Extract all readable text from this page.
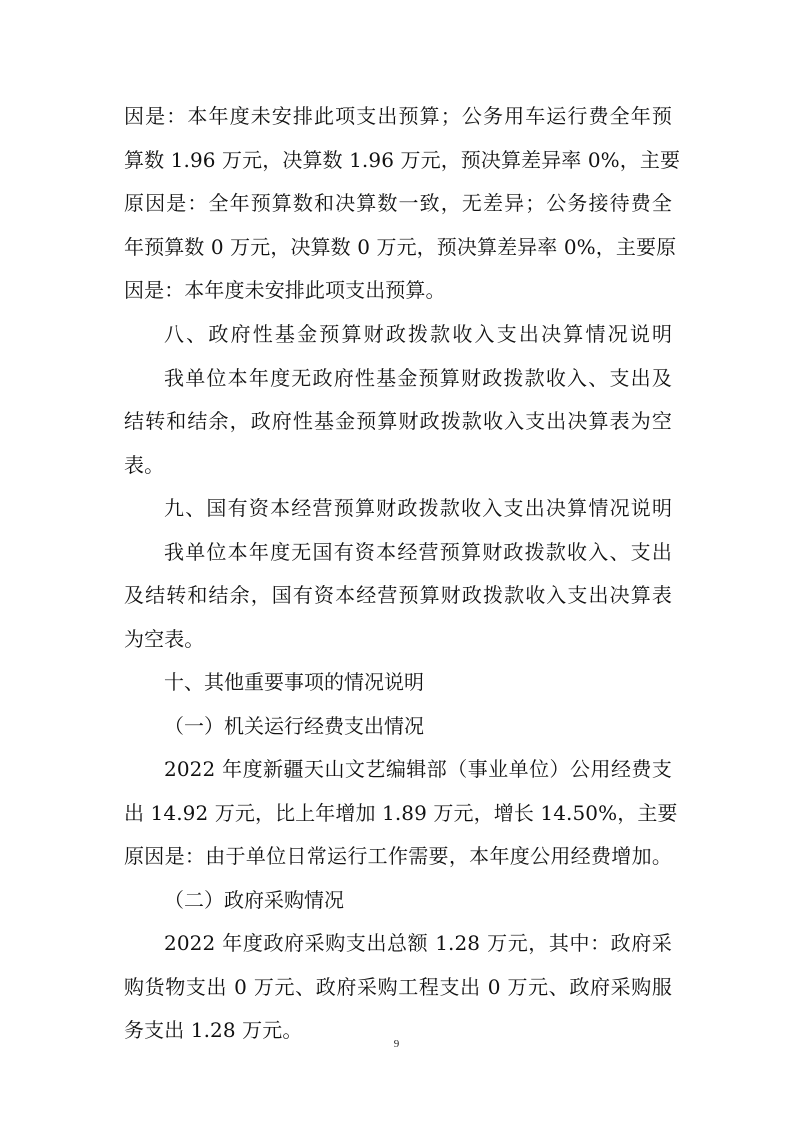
因是：本年度未安排此项支出预算；公务用车运行费全年预
算数 1.96 万元，决算数 1.96 万元，预决算差异率 0%，主要
原因是：全年预算数和决算数一致，无差异；公务接待费全
年预算数 0 万元，决算数 0 万元，预决算差异率 0%，主要原
因是：本年度未安排此项支出预算。
八、政府性基金预算财政拨款收入支出决算情况说明
我单位本年度无政府性基金预算财政拨款收入、支出及
结转和结余，政府性基金预算财政拨款收入支出决算表为空
表。
九、国有资本经营预算财政拨款收入支出决算情况说明
我单位本年度无国有资本经营预算财政拨款收入、支出
及结转和结余，国有资本经营预算财政拨款收入支出决算表
为空表。
十、其他重要事项的情况说明
（一）机关运行经费支出情况
2022 年度新疆天山文艺编辑部（事业单位）公用经费支
出 14.92 万元，比上年增加 1.89 万元，增长 14.50%，主要
原因是：由于单位日常运行工作需要，本年度公用经费增加。
（二）政府采购情况
2022 年度政府采购支出总额 1.28 万元，其中：政府采
购货物支出 0 万元、政府采购工程支出 0 万元、政府采购服
务支出 1.28 万元。
9
